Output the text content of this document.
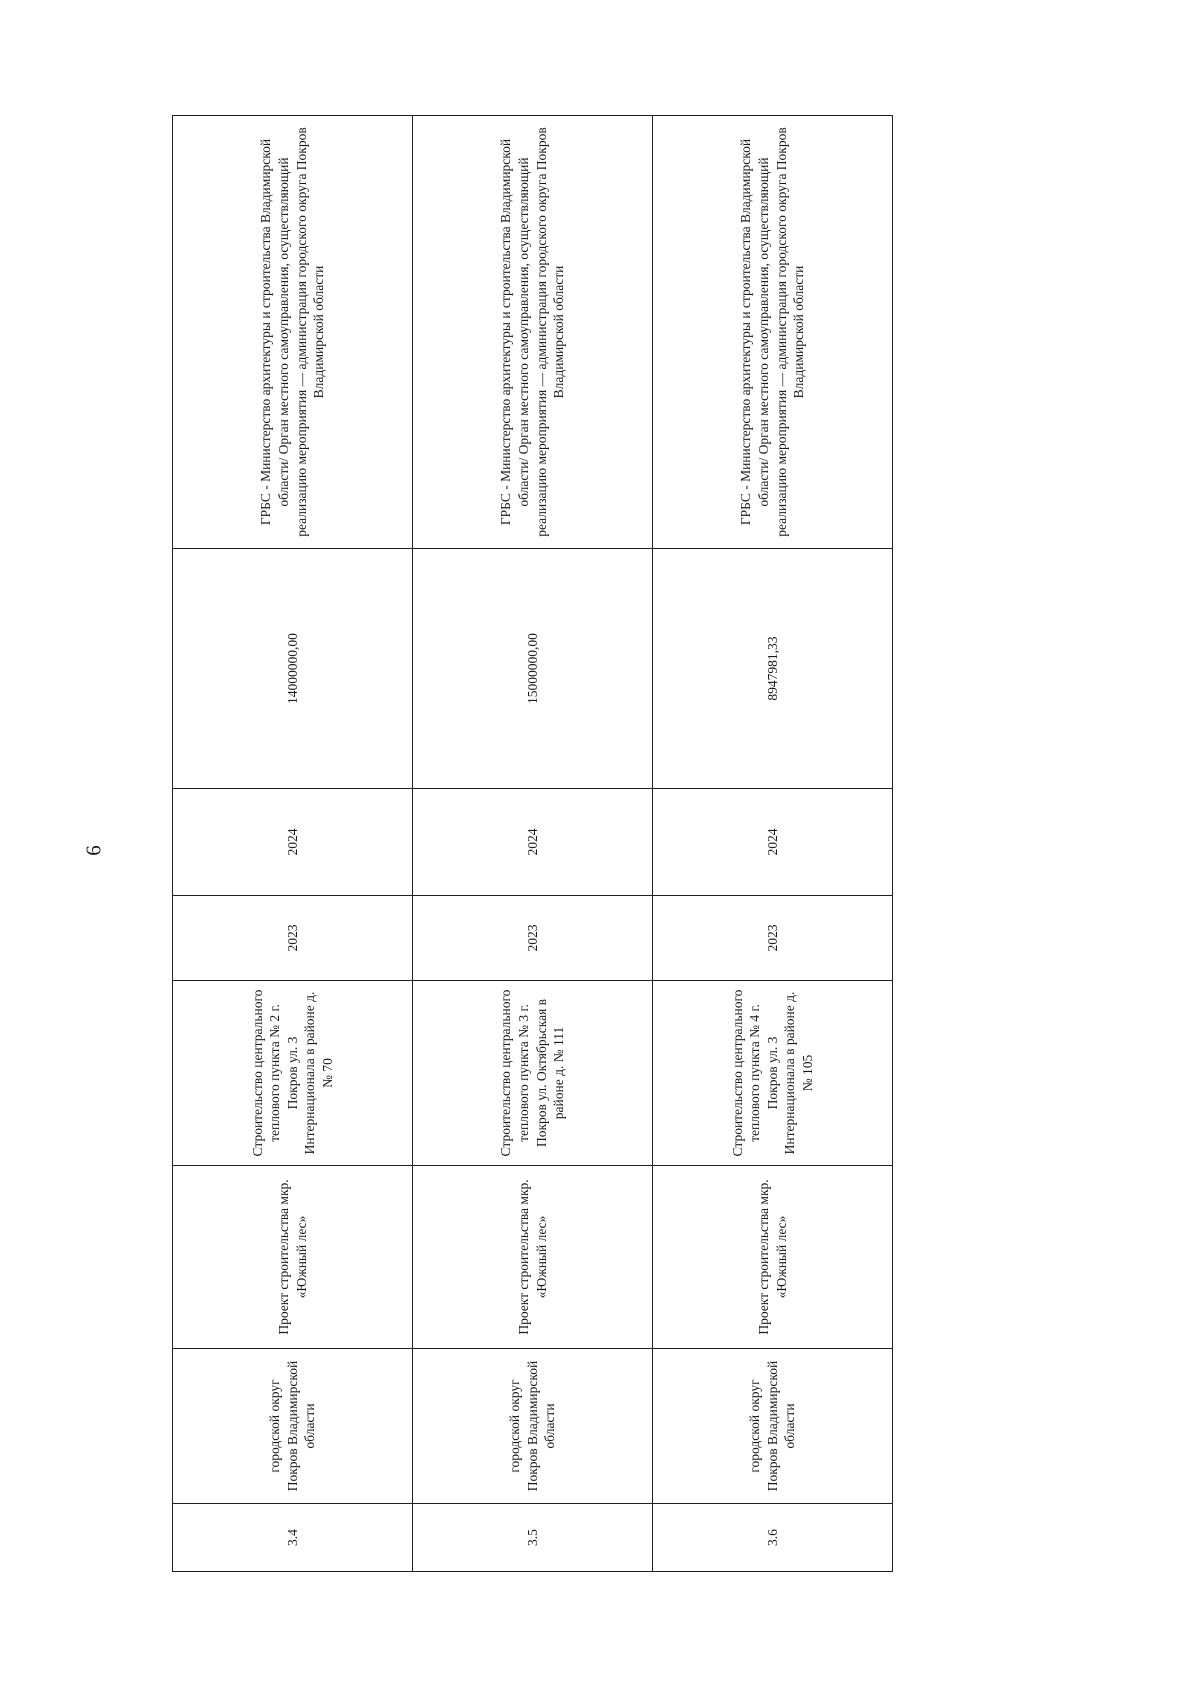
6
3.4	городской округ Покров Владимирской области	Проект строительства мкр. «Южный лес»	Строительство центрального теплового пункта № 2 г. Покров ул. 3 Интернационала в районе д. № 70	2023	2024	14000000,00	ГРБС - Министерство архитектуры и строительства Владимирской области/ Орган местного самоуправления, осуществляющий реализацию мероприятия — администрация городского округа Покров Владимирской области
3.5	городской округ Покров Владимирской области	Проект строительства мкр. «Южный лес»	Строительство центрального теплового пункта № 3 г. Покров ул. Октябрьская в районе д. № 111	2023	2024	15000000,00	ГРБС - Министерство архитектуры и строительства Владимирской области/ Орган местного самоуправления, осуществляющий реализацию мероприятия — администрация городского округа Покров Владимирской области
3.6	городской округ Покров Владимирской области	Проект строительства мкр. «Южный лес»	Строительство центрального теплового пункта № 4 г. Покров ул. 3 Интернационала в районе д. № 105	2023	2024	8947981,33	ГРБС - Министерство архитектуры и строительства Владимирской области/ Орган местного самоуправления, осуществляющий реализацию мероприятия — администрация городского округа Покров Владимирской области
